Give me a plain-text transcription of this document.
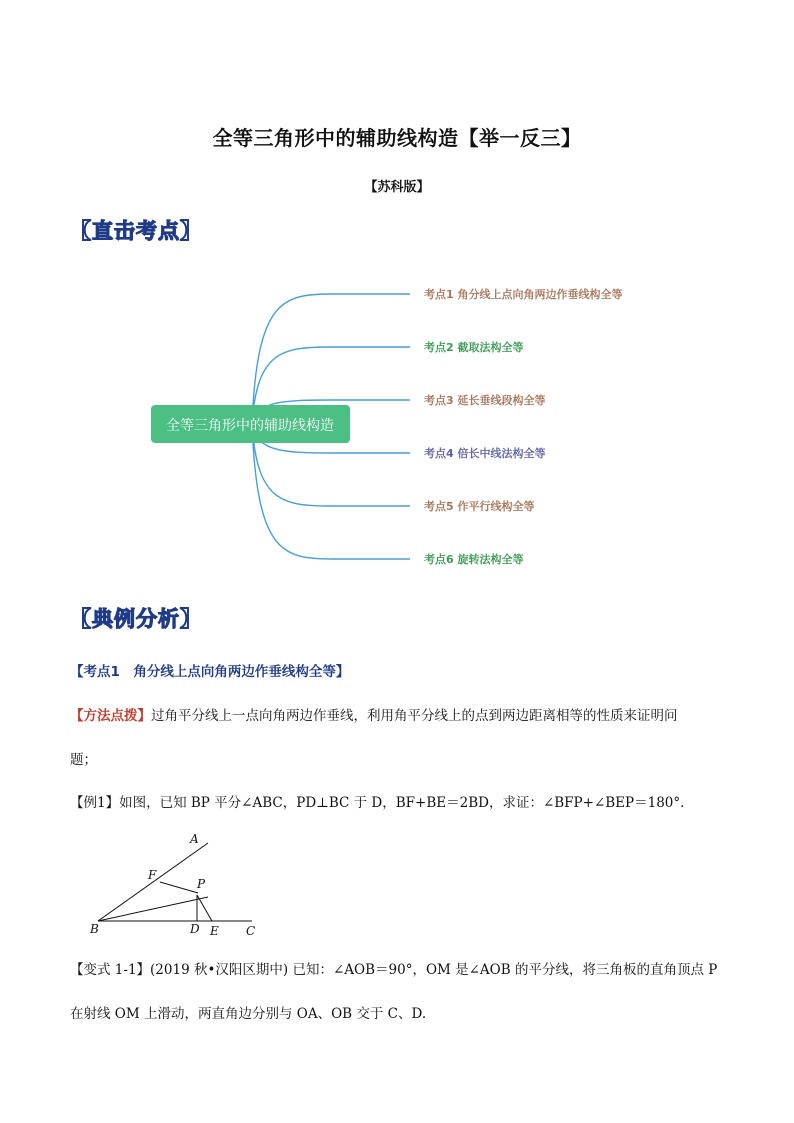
全等三角形中的辅助线构造【举一反三】
【苏科版】
【直击考点】
全等三角形中的辅助线构造
考点1 角分线上点向角两边作垂线构全等
考点2 截取法构全等
考点3 延长垂线段构全等
考点4 倍长中线法构全等
考点5 作平行线构全等
考点6 旋转法构全等
【典例分析】
【考点1　角分线上点向角两边作垂线构全等】
【方法点拨】过角平分线上一点向角两边作垂线，利用角平分线上的点到两边距离相等的性质来证明问
题；
【例1】如图，已知 BP 平分∠ABC，PD⊥BC 于 D，BF+BE＝2BD，求证：∠BFP+∠BEP＝180°.
A
F
P
B	D E C
【变式 1-1】(2019 秋•汉阳区期中) 已知：∠AOB＝90°，OM 是∠AOB 的平分线，将三角板的直角顶点 P
在射线 OM 上滑动，两直角边分别与 OA、OB 交于 C、D.
